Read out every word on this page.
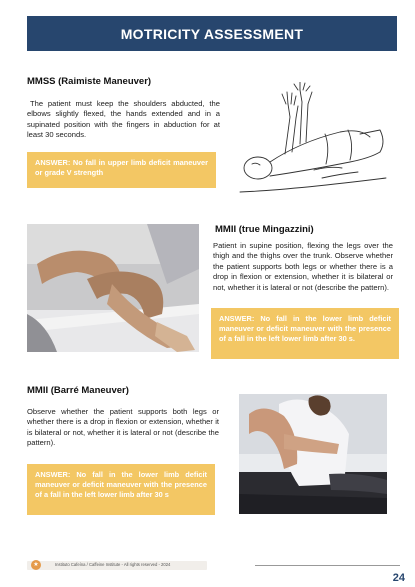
MOTRICITY ASSESSMENT
MMSS (Raimiste Maneuver)
The patient must keep the shoulders abducted, the elbows slightly flexed, the hands extended and in a supinated position with the fingers in abduction for at least 30 seconds.
ANSWER: No fall in upper limb deficit maneuver or grade V strength
MMII (true Mingazzini)
Patient in supine position, flexing the legs over the thigh and the thighs over the trunk. Observe whether the patient supports both legs or whether there is a drop in flexion or extension, whether it is bilateral or not, whether it is lateral or not (describe the pattern).
ANSWER: No fall in the lower limb deficit maneuver or deficit maneuver with the presence of a fall in the left lower limb after 30 s.
MMII (Barré Maneuver)
Observe whether the patient supports both legs or whether there is a drop in flexion or extension, whether it is bilateral or not, whether it is lateral or not (describe the pattern).
ANSWER: No fall in the lower limb deficit maneuver or deficit maneuver with the presence of a fall in the left lower limb after 30 s
★	Instituto Cafeína / Caffeine Institute - All rights reserved - 2024
24
